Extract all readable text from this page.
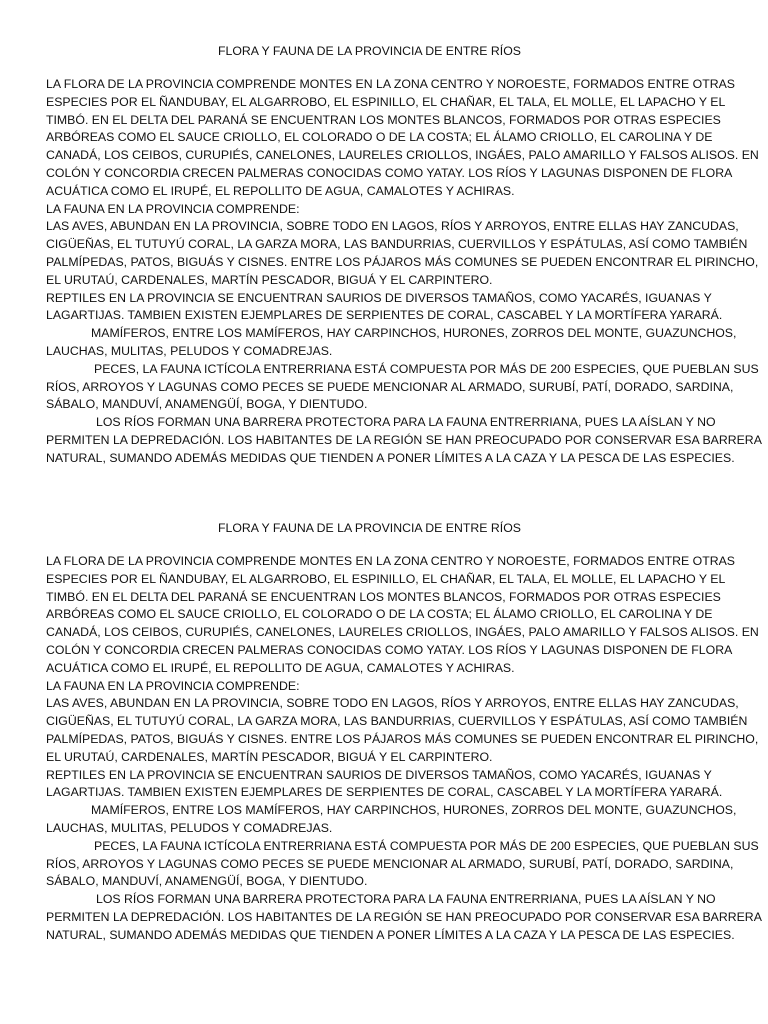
FLORA Y FAUNA DE LA PROVINCIA DE ENTRE RÍOS

LA FLORA DE LA PROVINCIA COMPRENDE MONTES EN LA ZONA CENTRO Y NOROESTE, FORMADOS ENTRE OTRAS
ESPECIES POR EL ÑANDUBAY, EL ALGARROBO, EL ESPINILLO, EL CHAÑAR, EL TALA, EL MOLLE, EL LAPACHO Y EL
TIMBÓ. EN EL DELTA DEL PARANÁ SE ENCUENTRAN LOS MONTES BLANCOS, FORMADOS POR OTRAS ESPECIES
ARBÓREAS COMO EL SAUCE CRIOLLO, EL COLORADO O DE LA COSTA; EL ÁLAMO CRIOLLO, EL CAROLINA Y DE
CANADÁ, LOS CEIBOS, CURUPIÉS, CANELONES, LAURELES CRIOLLOS, INGÁES, PALO AMARILLO Y FALSOS ALISOS. EN
COLÓN Y CONCORDIA CRECEN PALMERAS CONOCIDAS COMO YATAY. LOS RÍOS Y LAGUNAS DISPONEN DE FLORA
ACUÁTICA COMO EL IRUPÉ, EL REPOLLITO DE AGUA, CAMALOTES Y ACHIRAS.

LA FAUNA EN LA PROVINCIA COMPRENDE:

LAS AVES, ABUNDAN EN LA PROVINCIA, SOBRE TODO EN LAGOS, RÍOS Y ARROYOS, ENTRE ELLAS HAY ZANCUDAS,
CIGÜEÑAS, EL TUTUYÚ CORAL, LA GARZA MORA, LAS BANDURRIAS, CUERVILLOS Y ESPÁTULAS, ASÍ COMO TAMBIÉN
PALMÍPEDAS, PATOS, BIGUÁS Y CISNES. ENTRE LOS PÁJAROS MÁS COMUNES SE PUEDEN ENCONTRAR EL PIRINCHO,
EL URUTAÚ, CARDENALES, MARTÍN PESCADOR, BIGUÁ Y EL CARPINTERO.

REPTILES EN LA PROVINCIA SE ENCUENTRAN SAURIOS DE DIVERSOS TAMAÑOS, COMO YACARÉS, IGUANAS Y
LAGARTIJAS. TAMBIEN EXISTEN EJEMPLARES DE SERPIENTES DE CORAL, CASCABEL Y LA MORTÍFERA YARARÁ.

MAMÍFEROS, ENTRE LOS MAMÍFEROS, HAY CARPINCHOS, HURONES, ZORROS DEL MONTE, GUAZUNCHOS,
LAUCHAS, MULITAS, PELUDOS Y COMADREJAS.

PECES, LA FAUNA ICTÍCOLA ENTRERRIANA ESTÁ COMPUESTA POR MÁS DE 200 ESPECIES, QUE PUEBLAN SUS
RÍOS, ARROYOS Y LAGUNAS COMO PECES SE PUEDE MENCIONAR AL ARMADO, SURUBÍ, PATÍ, DORADO, SARDINA,
SÁBALO, MANDUVÍ, ANAMENGÜÍ, BOGA, Y DIENTUDO.

LOS RÍOS FORMAN UNA BARRERA PROTECTORA PARA LA FAUNA ENTRERRIANA, PUES LA AÍSLAN Y NO
PERMITEN LA DEPREDACIÓN. LOS HABITANTES DE LA REGIÓN SE HAN PREOCUPADO POR CONSERVAR ESA BARRERA
NATURAL, SUMANDO ADEMÁS MEDIDAS QUE TIENDEN A PONER LÍMITES A LA CAZA Y LA PESCA DE LAS ESPECIES.

FLORA Y FAUNA DE LA PROVINCIA DE ENTRE RÍOS

LA FLORA DE LA PROVINCIA COMPRENDE MONTES EN LA ZONA CENTRO Y NOROESTE, FORMADOS ENTRE OTRAS
ESPECIES POR EL ÑANDUBAY, EL ALGARROBO, EL ESPINILLO, EL CHAÑAR, EL TALA, EL MOLLE, EL LAPACHO Y EL
TIMBÓ. EN EL DELTA DEL PARANÁ SE ENCUENTRAN LOS MONTES BLANCOS, FORMADOS POR OTRAS ESPECIES
ARBÓREAS COMO EL SAUCE CRIOLLO, EL COLORADO O DE LA COSTA; EL ÁLAMO CRIOLLO, EL CAROLINA Y DE
CANADÁ, LOS CEIBOS, CURUPIÉS, CANELONES, LAURELES CRIOLLOS, INGÁES, PALO AMARILLO Y FALSOS ALISOS. EN
COLÓN Y CONCORDIA CRECEN PALMERAS CONOCIDAS COMO YATAY. LOS RÍOS Y LAGUNAS DISPONEN DE FLORA
ACUÁTICA COMO EL IRUPÉ, EL REPOLLITO DE AGUA, CAMALOTES Y ACHIRAS.

LA FAUNA EN LA PROVINCIA COMPRENDE:

LAS AVES, ABUNDAN EN LA PROVINCIA, SOBRE TODO EN LAGOS, RÍOS Y ARROYOS, ENTRE ELLAS HAY ZANCUDAS,
CIGÜEÑAS, EL TUTUYÚ CORAL, LA GARZA MORA, LAS BANDURRIAS, CUERVILLOS Y ESPÁTULAS, ASÍ COMO TAMBIÉN
PALMÍPEDAS, PATOS, BIGUÁS Y CISNES. ENTRE LOS PÁJAROS MÁS COMUNES SE PUEDEN ENCONTRAR EL PIRINCHO,
EL URUTAÚ, CARDENALES, MARTÍN PESCADOR, BIGUÁ Y EL CARPINTERO.

REPTILES EN LA PROVINCIA SE ENCUENTRAN SAURIOS DE DIVERSOS TAMAÑOS, COMO YACARÉS, IGUANAS Y
LAGARTIJAS. TAMBIEN EXISTEN EJEMPLARES DE SERPIENTES DE CORAL, CASCABEL Y LA MORTÍFERA YARARÁ.

MAMÍFEROS, ENTRE LOS MAMÍFEROS, HAY CARPINCHOS, HURONES, ZORROS DEL MONTE, GUAZUNCHOS,
LAUCHAS, MULITAS, PELUDOS Y COMADREJAS.

PECES, LA FAUNA ICTÍCOLA ENTRERRIANA ESTÁ COMPUESTA POR MÁS DE 200 ESPECIES, QUE PUEBLAN SUS
RÍOS, ARROYOS Y LAGUNAS COMO PECES SE PUEDE MENCIONAR AL ARMADO, SURUBÍ, PATÍ, DORADO, SARDINA,
SÁBALO, MANDUVÍ, ANAMENGÜÍ, BOGA, Y DIENTUDO.

LOS RÍOS FORMAN UNA BARRERA PROTECTORA PARA LA FAUNA ENTRERRIANA, PUES LA AÍSLAN Y NO
PERMITEN LA DEPREDACIÓN. LOS HABITANTES DE LA REGIÓN SE HAN PREOCUPADO POR CONSERVAR ESA BARRERA
NATURAL, SUMANDO ADEMÁS MEDIDAS QUE TIENDEN A PONER LÍMITES A LA CAZA Y LA PESCA DE LAS ESPECIES.
